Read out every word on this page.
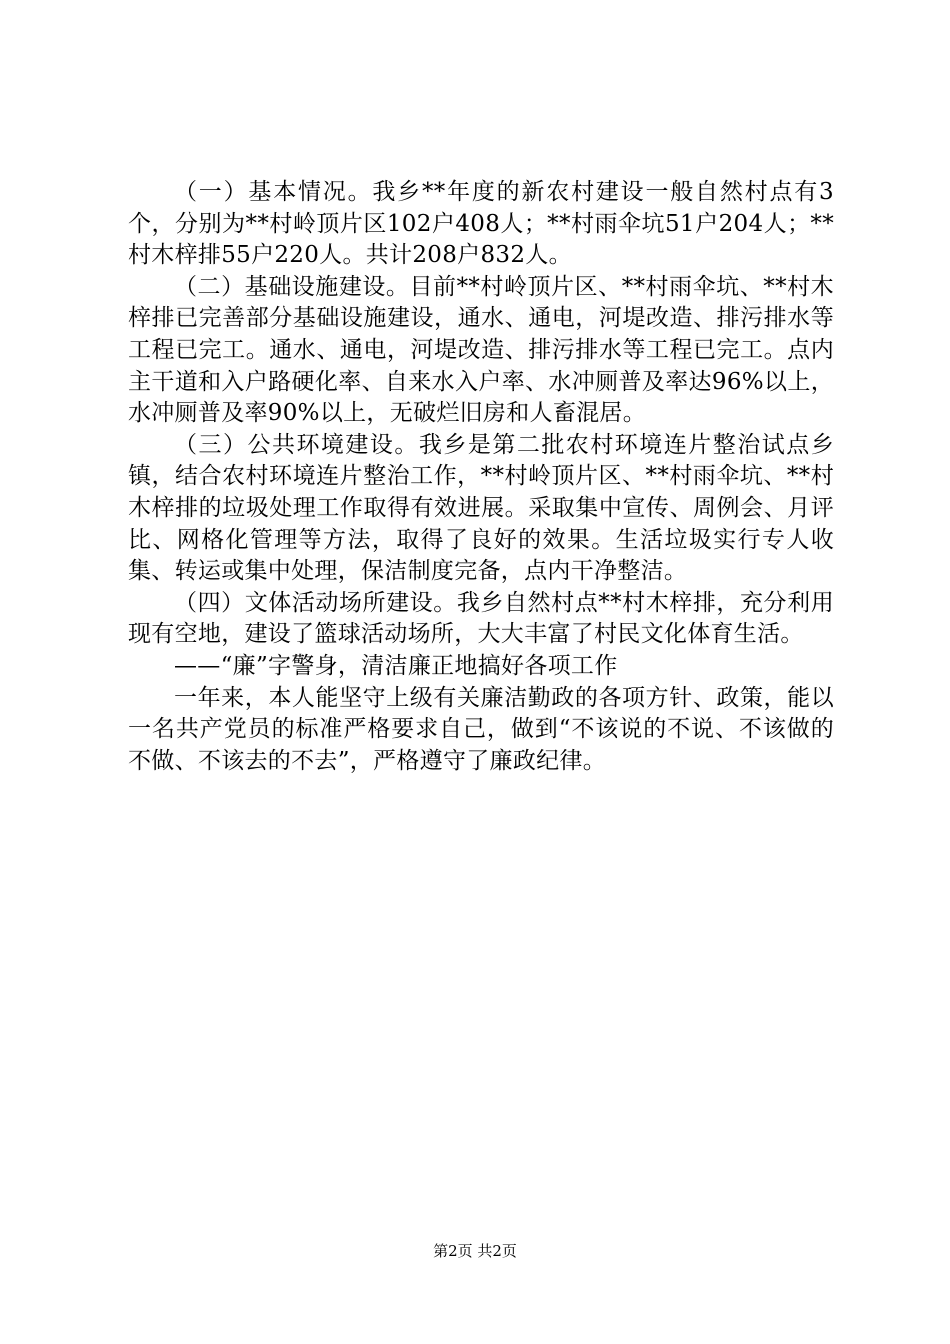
（一）基本情况。我乡**年度的新农村建设一般自然村点有3个，分别为**村岭顶片区102户408人；**村雨伞坑51户204人；**村木梓排55户220人。共计208户832人。

（二）基础设施建设。目前**村岭顶片区、**村雨伞坑、**村木梓排已完善部分基础设施建设，通水、通电，河堤改造、排污排水等工程已完工。通水、通电，河堤改造、排污排水等工程已完工。点内主干道和入户路硬化率、自来水入户率、水冲厕普及率达96%以上，水冲厕普及率90%以上，无破烂旧房和人畜混居。

（三）公共环境建设。我乡是第二批农村环境连片整治试点乡镇，结合农村环境连片整治工作，**村岭顶片区、**村雨伞坑、**村木梓排的垃圾处理工作取得有效进展。采取集中宣传、周例会、月评比、网格化管理等方法，取得了良好的效果。生活垃圾实行专人收集、转运或集中处理，保洁制度完备，点内干净整洁。

（四）文体活动场所建设。我乡自然村点**村木梓排，充分利用现有空地，建设了篮球活动场所，大大丰富了村民文化体育生活。

——“廉”字警身，清洁廉正地搞好各项工作

一年来，本人能坚守上级有关廉洁勤政的各项方针、政策，能以一名共产党员的标准严格要求自己，做到“不该说的不说、不该做的不做、不该去的不去”，严格遵守了廉政纪律。

第2页 共2页
